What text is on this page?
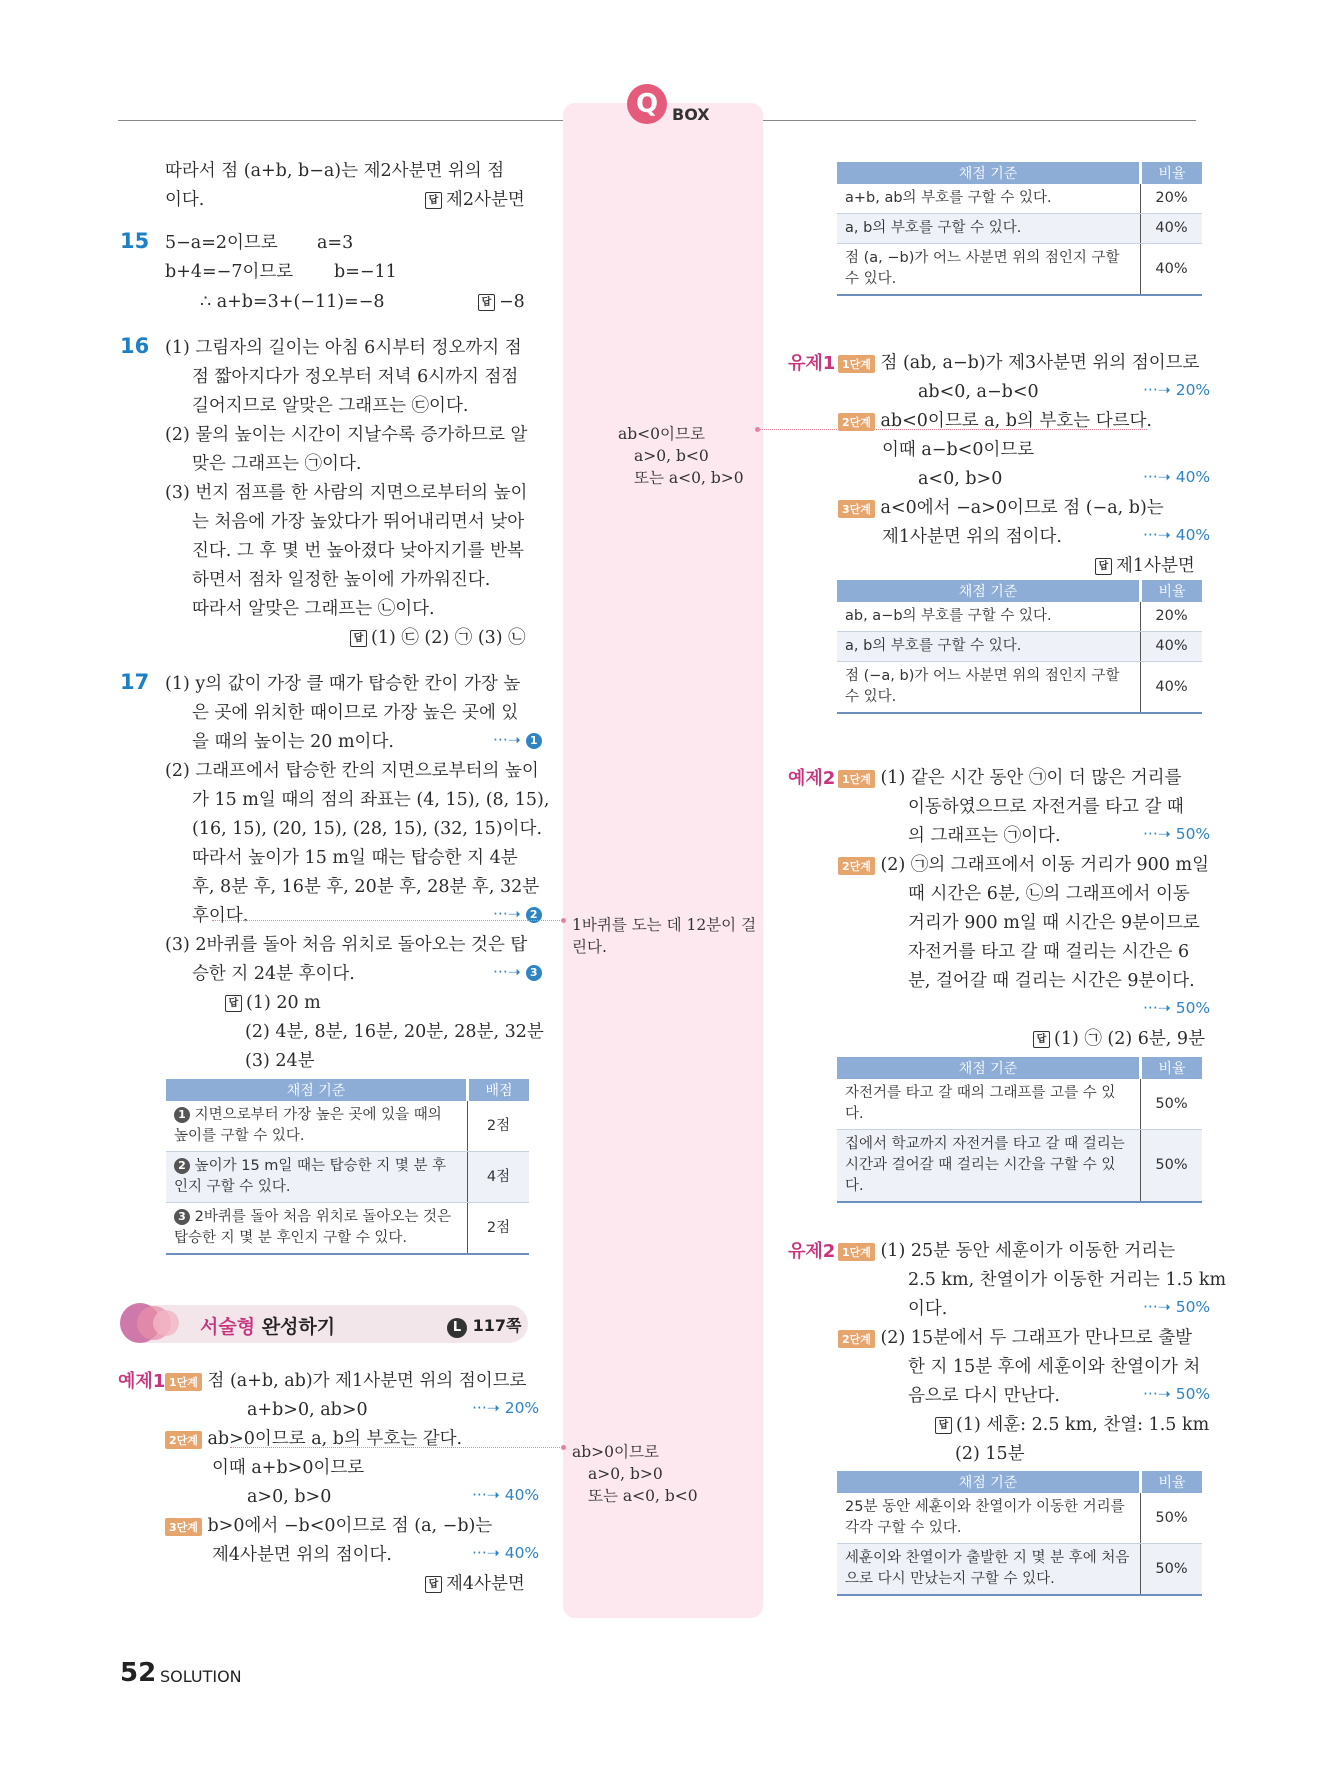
Q BOX
따라서 점 (a+b, b−a)는 제2사분면 위의 점
이다.	답 제2사분면
15 5−a=2이므로 a=3
b+4=−7이므로 b=−11
∴ a+b=3+(−11)=−8	답 −8
16 (1) 그림자의 길이는 아침 6시부터 정오까지 점
점 짧아지다가 정오부터 저녁 6시까지 점점
길어지므로 알맞은 그래프는 ㉢이다.
(2) 물의 높이는 시간이 지날수록 증가하므로 알
맞은 그래프는 ㉠이다.
(3) 번지 점프를 한 사람의 지면으로부터의 높이
는 처음에 가장 높았다가 뛰어내리면서 낮아
진다. 그 후 몇 번 높아졌다 낮아지기를 반복
하면서 점차 일정한 높이에 가까워진다.
따라서 알맞은 그래프는 ㉡이다.
답 (1) ㉢ (2) ㉠ (3) ㉡
17 (1) y의 값이 가장 클 때가 탑승한 칸이 가장 높
은 곳에 위치한 때이므로 가장 높은 곳에 있
을 때의 높이는 20 m이다.	···➝ 1
(2) 그래프에서 탑승한 칸의 지면으로부터의 높이
가 15 m일 때의 점의 좌표는 (4, 15), (8, 15),
(16, 15), (20, 15), (28, 15), (32, 15)이다.
따라서 높이가 15 m일 때는 탑승한 지 4분
후, 8분 후, 16분 후, 20분 후, 28분 후, 32분
후이다.	···➝ 2
(3) 2바퀴를 돌아 처음 위치로 돌아오는 것은 탑
승한 지 24분 후이다.	···➝ 3
답 (1) 20 m
(2) 4분, 8분, 16분, 20분, 28분, 32분
(3) 24분
채점 기준	배점
1 지면으로부터 가장 높은 곳에 있을 때의 높이를 구할 수 있다.	2점
2 높이가 15 m일 때는 탑승한 지 몇 분 후인지 구할 수 있다.	4점
3 2바퀴를 돌아 처음 위치로 돌아오는 것은 탑승한 지 몇 분 후인지 구할 수 있다.	2점
서술형 완성하기	L 117쪽
예제1 1단계 점 (a+b, ab)가 제1사분면 위의 점이므로
a+b>0, ab>0	···➝ 20%
2단계 ab>0이므로 a, b의 부호는 같다.
이때 a+b>0이므로
a>0, b>0	···➝ 40%
3단계 b>0에서 −b<0이므로 점 (a, −b)는
제4사분면 위의 점이다.	···➝ 40%
답 제4사분면
ab<0이므로
a>0, b<0
또는 a<0, b>0
1바퀴를 도는 데 12분이 걸
린다.
ab>0이므로
a>0, b>0
또는 a<0, b<0
채점 기준	비율
a+b, ab의 부호를 구할 수 있다.	20%
a, b의 부호를 구할 수 있다.	40%
점 (a, −b)가 어느 사분면 위의 점인지 구할 수 있다.	40%
유제1 1단계 점 (ab, a−b)가 제3사분면 위의 점이므로
ab<0, a−b<0	···➝ 20%
2단계 ab<0이므로 a, b의 부호는 다르다.
이때 a−b<0이므로
a<0, b>0	···➝ 40%
3단계 a<0에서 −a>0이므로 점 (−a, b)는
제1사분면 위의 점이다.	···➝ 40%
답 제1사분면
채점 기준	비율
ab, a−b의 부호를 구할 수 있다.	20%
a, b의 부호를 구할 수 있다.	40%
점 (−a, b)가 어느 사분면 위의 점인지 구할 수 있다.	40%
예제2 1단계 (1) 같은 시간 동안 ㉠이 더 많은 거리를
이동하였으므로 자전거를 타고 갈 때
의 그래프는 ㉠이다.	···➝ 50%
2단계 (2) ㉠의 그래프에서 이동 거리가 900 m일
때 시간은 6분, ㉡의 그래프에서 이동
거리가 900 m일 때 시간은 9분이므로
자전거를 타고 갈 때 걸리는 시간은 6
분, 걸어갈 때 걸리는 시간은 9분이다.
···➝ 50%
답 (1) ㉠ (2) 6분, 9분
채점 기준	비율
자전거를 타고 갈 때의 그래프를 고를 수 있다.	50%
집에서 학교까지 자전거를 타고 갈 때 걸리는 시간과 걸어갈 때 걸리는 시간을 구할 수 있다.	50%
유제2 1단계 (1) 25분 동안 세훈이가 이동한 거리는
2.5 km, 찬열이가 이동한 거리는 1.5 km
이다.	···➝ 50%
2단계 (2) 15분에서 두 그래프가 만나므로 출발
한 지 15분 후에 세훈이와 찬열이가 처
음으로 다시 만난다.	···➝ 50%
답 (1) 세훈: 2.5 km, 찬열: 1.5 km
(2) 15분
채점 기준	비율
25분 동안 세훈이와 찬열이가 이동한 거리를 각각 구할 수 있다.	50%
세훈이와 찬열이가 출발한 지 몇 분 후에 처음으로 다시 만났는지 구할 수 있다.	50%
52 SOLUTION
